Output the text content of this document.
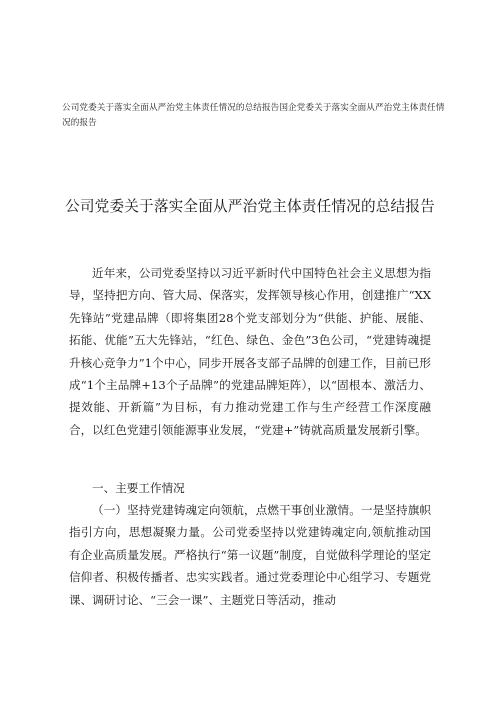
公司党委关于落实全面从严治党主体责任情况的总结报告国企党委关于落实全面从严治党主体责任情况的报告
公司党委关于落实全面从严治党主体责任情况的总结报告
近年来，公司党委坚持以习近平新时代中国特色社会主义思想为指导，坚持把方向、管大局、保落实，发挥领导核心作用，创建推广“XX先锋站”党建品牌（即将集团28个党支部划分为“供能、护能、展能、拓能、优能”五大先锋站，“红色、绿色、金色”3色公司，“党建铸魂提升核心竞争力”1个中心，同步开展各支部子品牌的创建工作，目前已形成“1个主品牌+13个子品牌”的党建品牌矩阵），以“固根本、激活力、提效能、开新篇”为目标，有力推动党建工作与生产经营工作深度融合，以红色党建引领能源事业发展，“党建+”铸就高质量发展新引擎。
一、主要工作情况
（一）坚持党建铸魂定向领航，点燃干事创业激情。一是坚持旗帜指引方向，思想凝聚力量。公司党委坚持以党建铸魂定向,领航推动国有企业高质量发展。严格执行“第一议题”制度，自觉做科学理论的坚定信仰者、积极传播者、忠实实践者。通过党委理论中心组学习、专题党课、调研讨论、“三会一课”、主题党日等活动，推动
